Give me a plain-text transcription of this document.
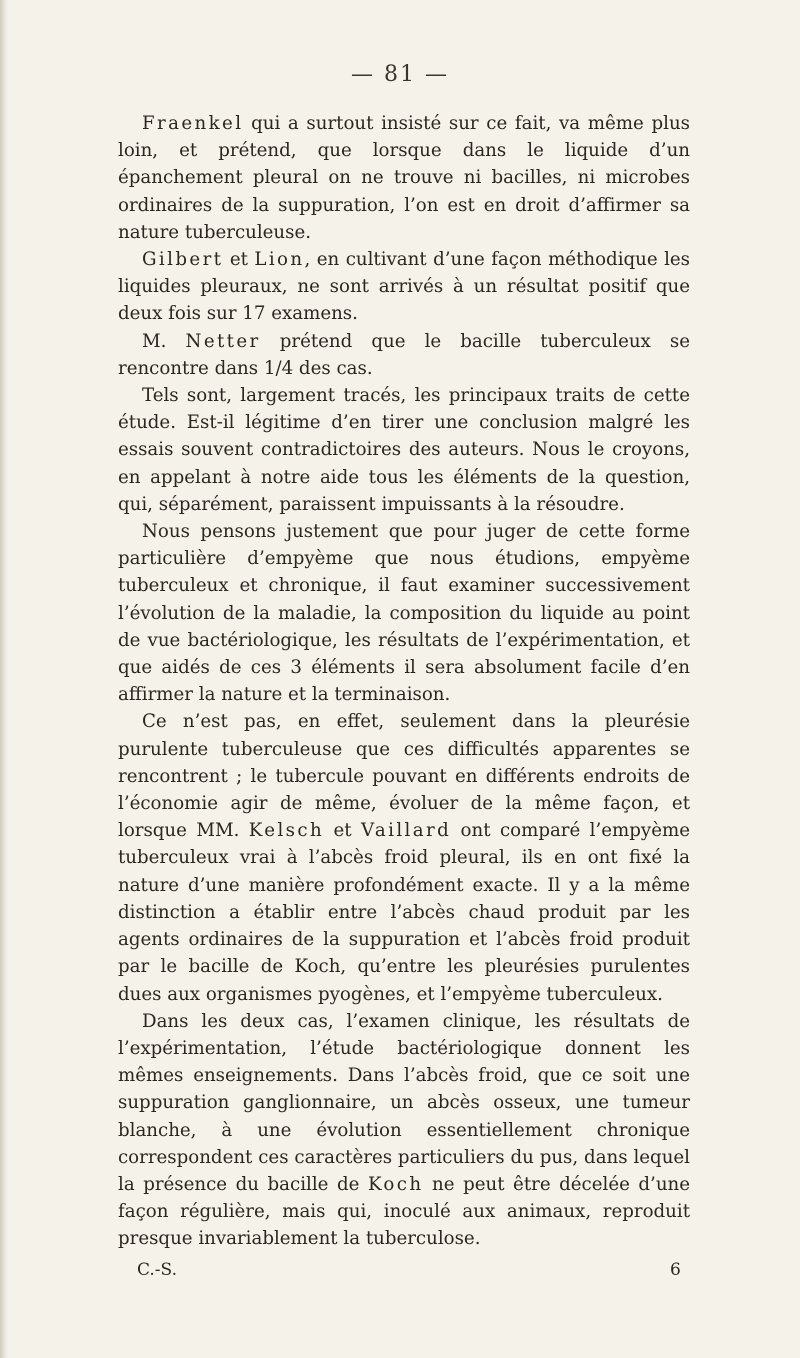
— 81 —

Fraenkel qui a surtout insisté sur ce fait, va même plus loin, et prétend, que lorsque dans le liquide d’un épanchement pleural on ne trouve ni bacilles, ni microbes ordinaires de la suppuration, l’on est en droit d’affirmer sa nature tuberculeuse.

Gilbert et Lion, en cultivant d’une façon méthodique les liquides pleuraux, ne sont arrivés à un résultat positif que deux fois sur 17 examens.

M. Netter prétend que le bacille tuberculeux se rencontre dans 1/4 des cas.

Tels sont, largement tracés, les principaux traits de cette étude. Est-il légitime d’en tirer une conclusion malgré les essais souvent contradictoires des auteurs. Nous le croyons, en appelant à notre aide tous les éléments de la question, qui, séparément, paraissent impuissants à la résoudre.

Nous pensons justement que pour juger de cette forme particulière d’empyème que nous étudions, empyème tuberculeux et chronique, il faut examiner successivement l’évolution de la maladie, la composition du liquide au point de vue bactériologique, les résultats de l’expérimentation, et que aidés de ces 3 éléments il sera absolument facile d’en affirmer la nature et la terminaison.

Ce n’est pas, en effet, seulement dans la pleurésie purulente tuberculeuse que ces difficultés apparentes se rencontrent ; le tubercule pouvant en différents endroits de l’économie agir de même, évoluer de la même façon, et lorsque MM. Kelsch et Vaillard ont comparé l’empyème tuberculeux vrai à l’abcès froid pleural, ils en ont fixé la nature d’une manière profondément exacte. Il y a la même distinction a établir entre l’abcès chaud produit par les agents ordinaires de la suppuration et l’abcès froid produit par le bacille de Koch, qu’entre les pleurésies purulentes dues aux organismes pyogènes, et l’empyème tuberculeux.

Dans les deux cas, l’examen clinique, les résultats de l’expérimentation, l’étude bactériologique donnent les mêmes enseignements. Dans l’abcès froid, que ce soit une suppuration ganglionnaire, un abcès osseux, une tumeur blanche, à une évolution essentiellement chronique correspondent ces caractères particuliers du pus, dans lequel la présence du bacille de Koch ne peut être décelée d’une façon régulière, mais qui, inoculé aux animaux, reproduit presque invariablement la tuberculose.

C.-S.	6
